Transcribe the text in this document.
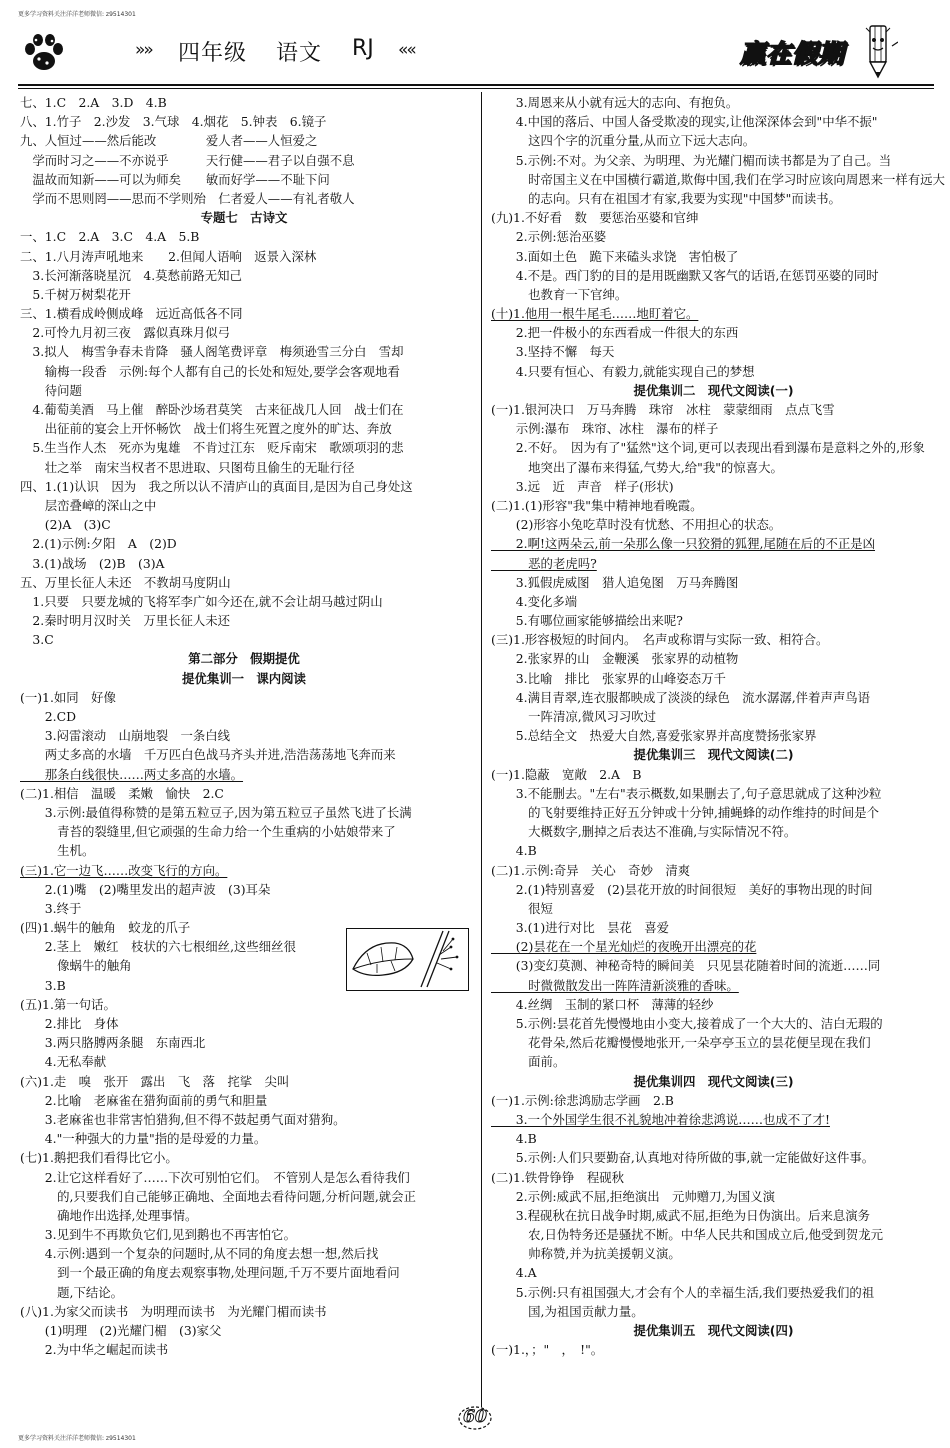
更多学习资料关注洋洋老师微信: z9514301
»» 四年级 语文 RJ ««	赢在假期
七、1.C　2.A　3.D　4.B
八、1.竹子　2.沙发　3.气球　4.烟花　5.钟表　6.镜子
九、人恒过——然后能改　　　　爱人者——人恒爱之
　学而时习之——不亦说乎　　　天行健——君子以自强不息
　温故而知新——可以为师矣　　敏而好学——不耻下问
　学而不思则罔——思而不学则殆　仁者爱人——有礼者敬人
专题七　古诗文
一、1.C　2.A　3.C　4.A　5.B
二、1.八月涛声吼地来　　2.但闻人语响　返景入深林
　3.长河渐落晓星沉　4.莫愁前路无知己
　5.千树万树梨花开
三、1.横看成岭侧成峰　远近高低各不同
　2.可怜九月初三夜　露似真珠月似弓
　3.拟人　梅雪争春未肯降　骚人阁笔费评章　梅须逊雪三分白　雪却
　　输梅一段香　示例:每个人都有自己的长处和短处,要学会客观地看
　　待问题
　4.葡萄美酒　马上催　醉卧沙场君莫笑　古来征战几人回　战士们在
　　出征前的宴会上开怀畅饮　战士们将生死置之度外的旷达、奔放
　5.生当作人杰　死亦为鬼雄　不肯过江东　贬斥南宋　歌颂项羽的悲
　　壮之举　南宋当权者不思进取、只图苟且偷生的无耻行径
四、1.(1)认识　因为　我之所以认不清庐山的真面目,是因为自己身处这
　　层峦叠嶂的深山之中
　　(2)A　(3)C
　2.(1)示例:夕阳　A　(2)D
　3.(1)战场　(2)B　(3)A
五、万里长征人未还　不教胡马度阴山
　1.只要　只要龙城的飞将军李广如今还在,就不会让胡马越过阴山
　2.秦时明月汉时关　万里长征人未还
　3.C
第二部分　假期提优
提优集训一　课内阅读
(一)1.如同　好像
　　2.CD
　　3.闷雷滚动　山崩地裂　一条白线
　　两丈多高的水墙　千万匹白色战马齐头并进,浩浩荡荡地飞奔而来
　　那条白线很快……两丈多高的水墙。
(二)1.相信　温暖　柔嫩　愉快　2.C
　　3.示例:最值得称赞的是第五粒豆子,因为第五粒豆子虽然飞进了长满
　　　青苔的裂缝里,但它顽强的生命力给一个生重病的小姑娘带来了
　　　生机。
(三)1.它一边飞……改变飞行的方向。
　　2.(1)嘴　(2)嘴里发出的超声波　(3)耳朵
　　3.终于
(四)1.蜗牛的触角　蛟龙的爪子
　　2.茎上　嫩红　枝状的六七根细丝,这些细丝很
　　　像蜗牛的触角
　　3.B
(五)1.第一句话。
　　2.排比　身体
　　3.两只胳膊两条腿　东南西北
　　4.无私奉献
(六)1.走　嗅　张开　露出　飞　落　挓挲　尖叫
　　2.比喻　老麻雀在猎狗面前的勇气和胆量
　　3.老麻雀也非常害怕猎狗,但不得不鼓起勇气面对猎狗。
　　4."一种强大的力量"指的是母爱的力量。
(七)1.鹅把我们看得比它小。
　　2.让它这样看好了……下次可别怕它们。　不管别人是怎么看待我们
　　　的,只要我们自己能够正确地、全面地去看待问题,分析问题,就会正
　　　确地作出选择,处理事情。
　　3.见到牛不再欺负它们,见到鹅也不再害怕它。
　　4.示例:遇到一个复杂的问题时,从不同的角度去想一想,然后找
　　　到一个最正确的角度去观察事物,处理问题,千万不要片面地看问
　　　题,下结论。
(八)1.为家父而读书　为明理而读书　为光耀门楣而读书
　　(1)明理　(2)光耀门楣　(3)家父
　　2.为中华之崛起而读书
　　3.周恩来从小就有远大的志向、有抱负。
　　4.中国的落后、中国人备受欺凌的现实,让他深深体会到"中华不振"
　　　这四个字的沉重分量,从而立下远大志向。
　　5.示例:不对。为父亲、为明理、为光耀门楣而读书都是为了自己。当
　　　时帝国主义在中国横行霸道,欺侮中国,我们在学习时应该向周恩来一样有远大
　　　的志向。只有在祖国才有家,我要为实现"中国梦"而读书。
(九)1.不好看　数　要惩治巫婆和官绅
　　2.示例:惩治巫婆
　　3.面如土色　跪下来磕头求饶　害怕极了
　　4.不是。西门豹的目的是用既幽默又客气的话语,在惩罚巫婆的同时
　　　也教育一下官绅。
(十)1.他用一根牛尾毛……地盯着它。
　　2.把一件极小的东西看成一件很大的东西
　　3.坚持不懈　每天
　　4.只要有恒心、有毅力,就能实现自己的梦想
提优集训二　现代文阅读(一)
(一)1.银河决口　万马奔腾　珠帘　冰柱　蒙蒙细雨　点点飞雪
　　示例:瀑布　珠帘、冰柱　瀑布的样子
　　2.不好。　因为有了"猛然"这个词,更可以表现出看到瀑布是意料之外的,形象
　　　地突出了瀑布来得猛,气势大,给"我"的惊喜大。
　　3.远　近　声音　样子(形状)
(二)1.(1)形容"我"集中精神地看晚霞。
　　(2)形容小兔吃草时没有忧愁、不用担心的状态。
　　2.啊!这两朵云,前一朵那么像一只狡猾的狐狸,尾随在后的不正是凶
　　　恶的老虎吗?
　　3.狐假虎威图　猎人追兔图　万马奔腾图
　　4.变化多端
　　5.有哪位画家能够描绘出来呢?
(三)1.形容极短的时间内。　名声或称谓与实际一致、相符合。
　　2.张家界的山　金鞭溪　张家界的动植物
　　3.比喻　排比　张家界的山峰姿态万千
　　4.满目青翠,连衣服都映成了淡淡的绿色　流水潺潺,伴着声声鸟语
　　　一阵清凉,微风习习吹过
　　5.总结全文　热爱大自然,喜爱张家界并高度赞扬张家界
提优集训三　现代文阅读(二)
(一)1.隐蔽　宽敞　2.A　B
　　3.不能删去。"左右"表示概数,如果删去了,句子意思就成了这种沙粒
　　　的飞射要维持正好五分钟或十分钟,捕蝇蜂的动作维持的时间是个
　　　大概数字,删掉之后表达不准确,与实际情况不符。
　　4.B
(二)1.示例:奇异　关心　奇妙　清爽
　　2.(1)特别喜爱　(2)昙花开放的时间很短　美好的事物出现的时间
　　　很短
　　3.(1)进行对比　昙花　喜爱
　　(2)昙花在一个星光灿烂的夜晚开出漂亮的花
　　(3)变幻莫测、神秘奇特的瞬间美　只见昙花随着时间的流逝……同
　　　时微微散发出一阵阵清新淡雅的香味。
　　4.丝绸　玉制的紧口杯　薄薄的轻纱
　　5.示例:昙花首先慢慢地由小变大,接着成了一个大大的、洁白无瑕的
　　　花骨朵,然后花瓣慢慢地张开,一朵亭亭玉立的昙花便呈现在我们
　　　面前。
提优集训四　现代文阅读(三)
(一)1.示例:徐悲鸿励志学画　2.B
　　3.一个外国学生很不礼貌地冲着徐悲鸿说……也成不了才!
　　4.B
　　5.示例:人们只要勤奋,认真地对待所做的事,就一定能做好这件事。
(二)1.铁骨铮铮　程砚秋
　　2.示例:威武不屈,拒绝演出　元帅赠刀,为国义演
　　3.程砚秋在抗日战争时期,威武不屈,拒绝为日伪演出。后来息演务
　　　农,日伪特务还是骚扰不断。中华人民共和国成立后,他受到贺龙元
　　　帅称赞,并为抗美援朝义演。
　　4.A
　　5.示例:只有祖国强大,才会有个人的幸福生活,我们要热爱我们的祖
　　　国,为祖国贡献力量。
提优集训五　现代文阅读(四)
(一)1.，；"　，　!"。
60
更多学习资料关注洋洋老师微信: z9514301
